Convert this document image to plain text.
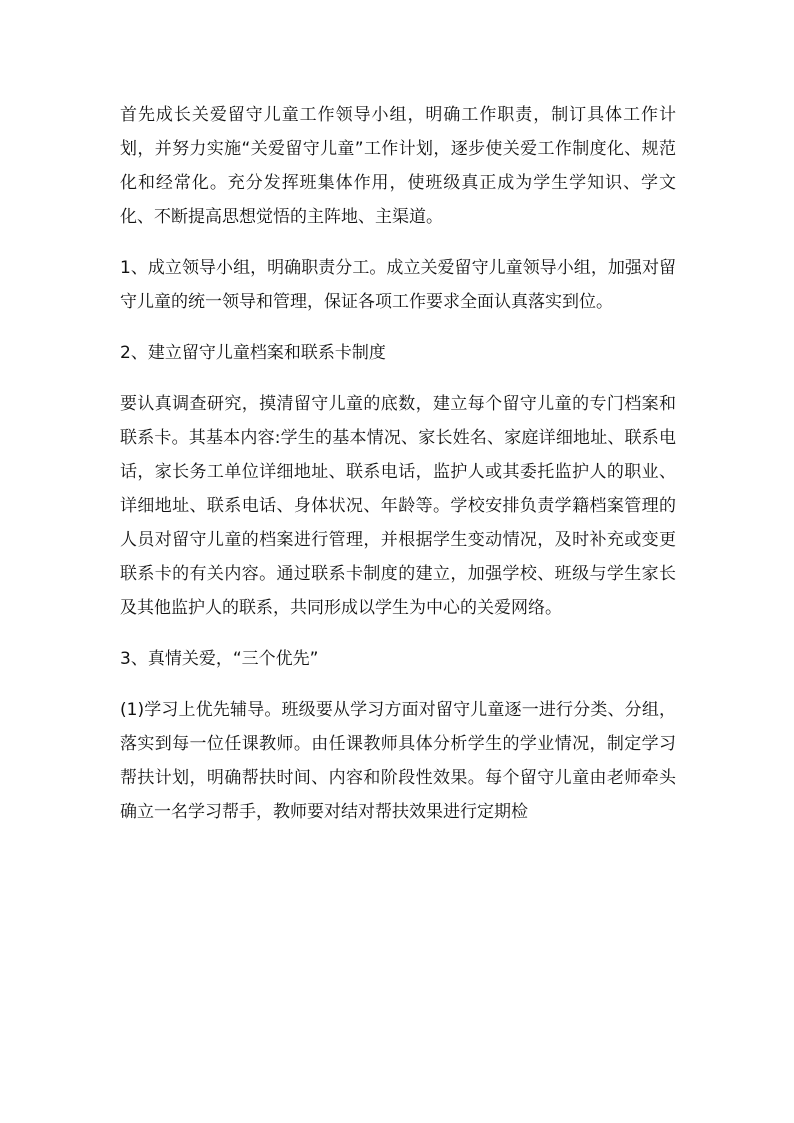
首先成长关爱留守儿童工作领导小组，明确工作职责，制订具体工作计划，并努力实施“关爱留守儿童”工作计划，逐步使关爱工作制度化、规范化和经常化。充分发挥班集体作用，使班级真正成为学生学知识、学文化、不断提高思想觉悟的主阵地、主渠道。

1、成立领导小组，明确职责分工。成立关爱留守儿童领导小组，加强对留守儿童的统一领导和管理，保证各项工作要求全面认真落实到位。

2、建立留守儿童档案和联系卡制度

要认真调查研究，摸清留守儿童的底数，建立每个留守儿童的专门档案和联系卡。其基本内容:学生的基本情况、家长姓名、家庭详细地址、联系电话，家长务工单位详细地址、联系电话，监护人或其委托监护人的职业、详细地址、联系电话、身体状况、年龄等。学校安排负责学籍档案管理的人员对留守儿童的档案进行管理，并根据学生变动情况，及时补充或变更联系卡的有关内容。通过联系卡制度的建立，加强学校、班级与学生家长及其他监护人的联系，共同形成以学生为中心的关爱网络。

3、真情关爱，“三个优先”

(1)学习上优先辅导。班级要从学习方面对留守儿童逐一进行分类、分组，落实到每一位任课教师。由任课教师具体分析学生的学业情况，制定学习帮扶计划，明确帮扶时间、内容和阶段性效果。每个留守儿童由老师牵头确立一名学习帮手，教师要对结对帮扶效果进行定期检
